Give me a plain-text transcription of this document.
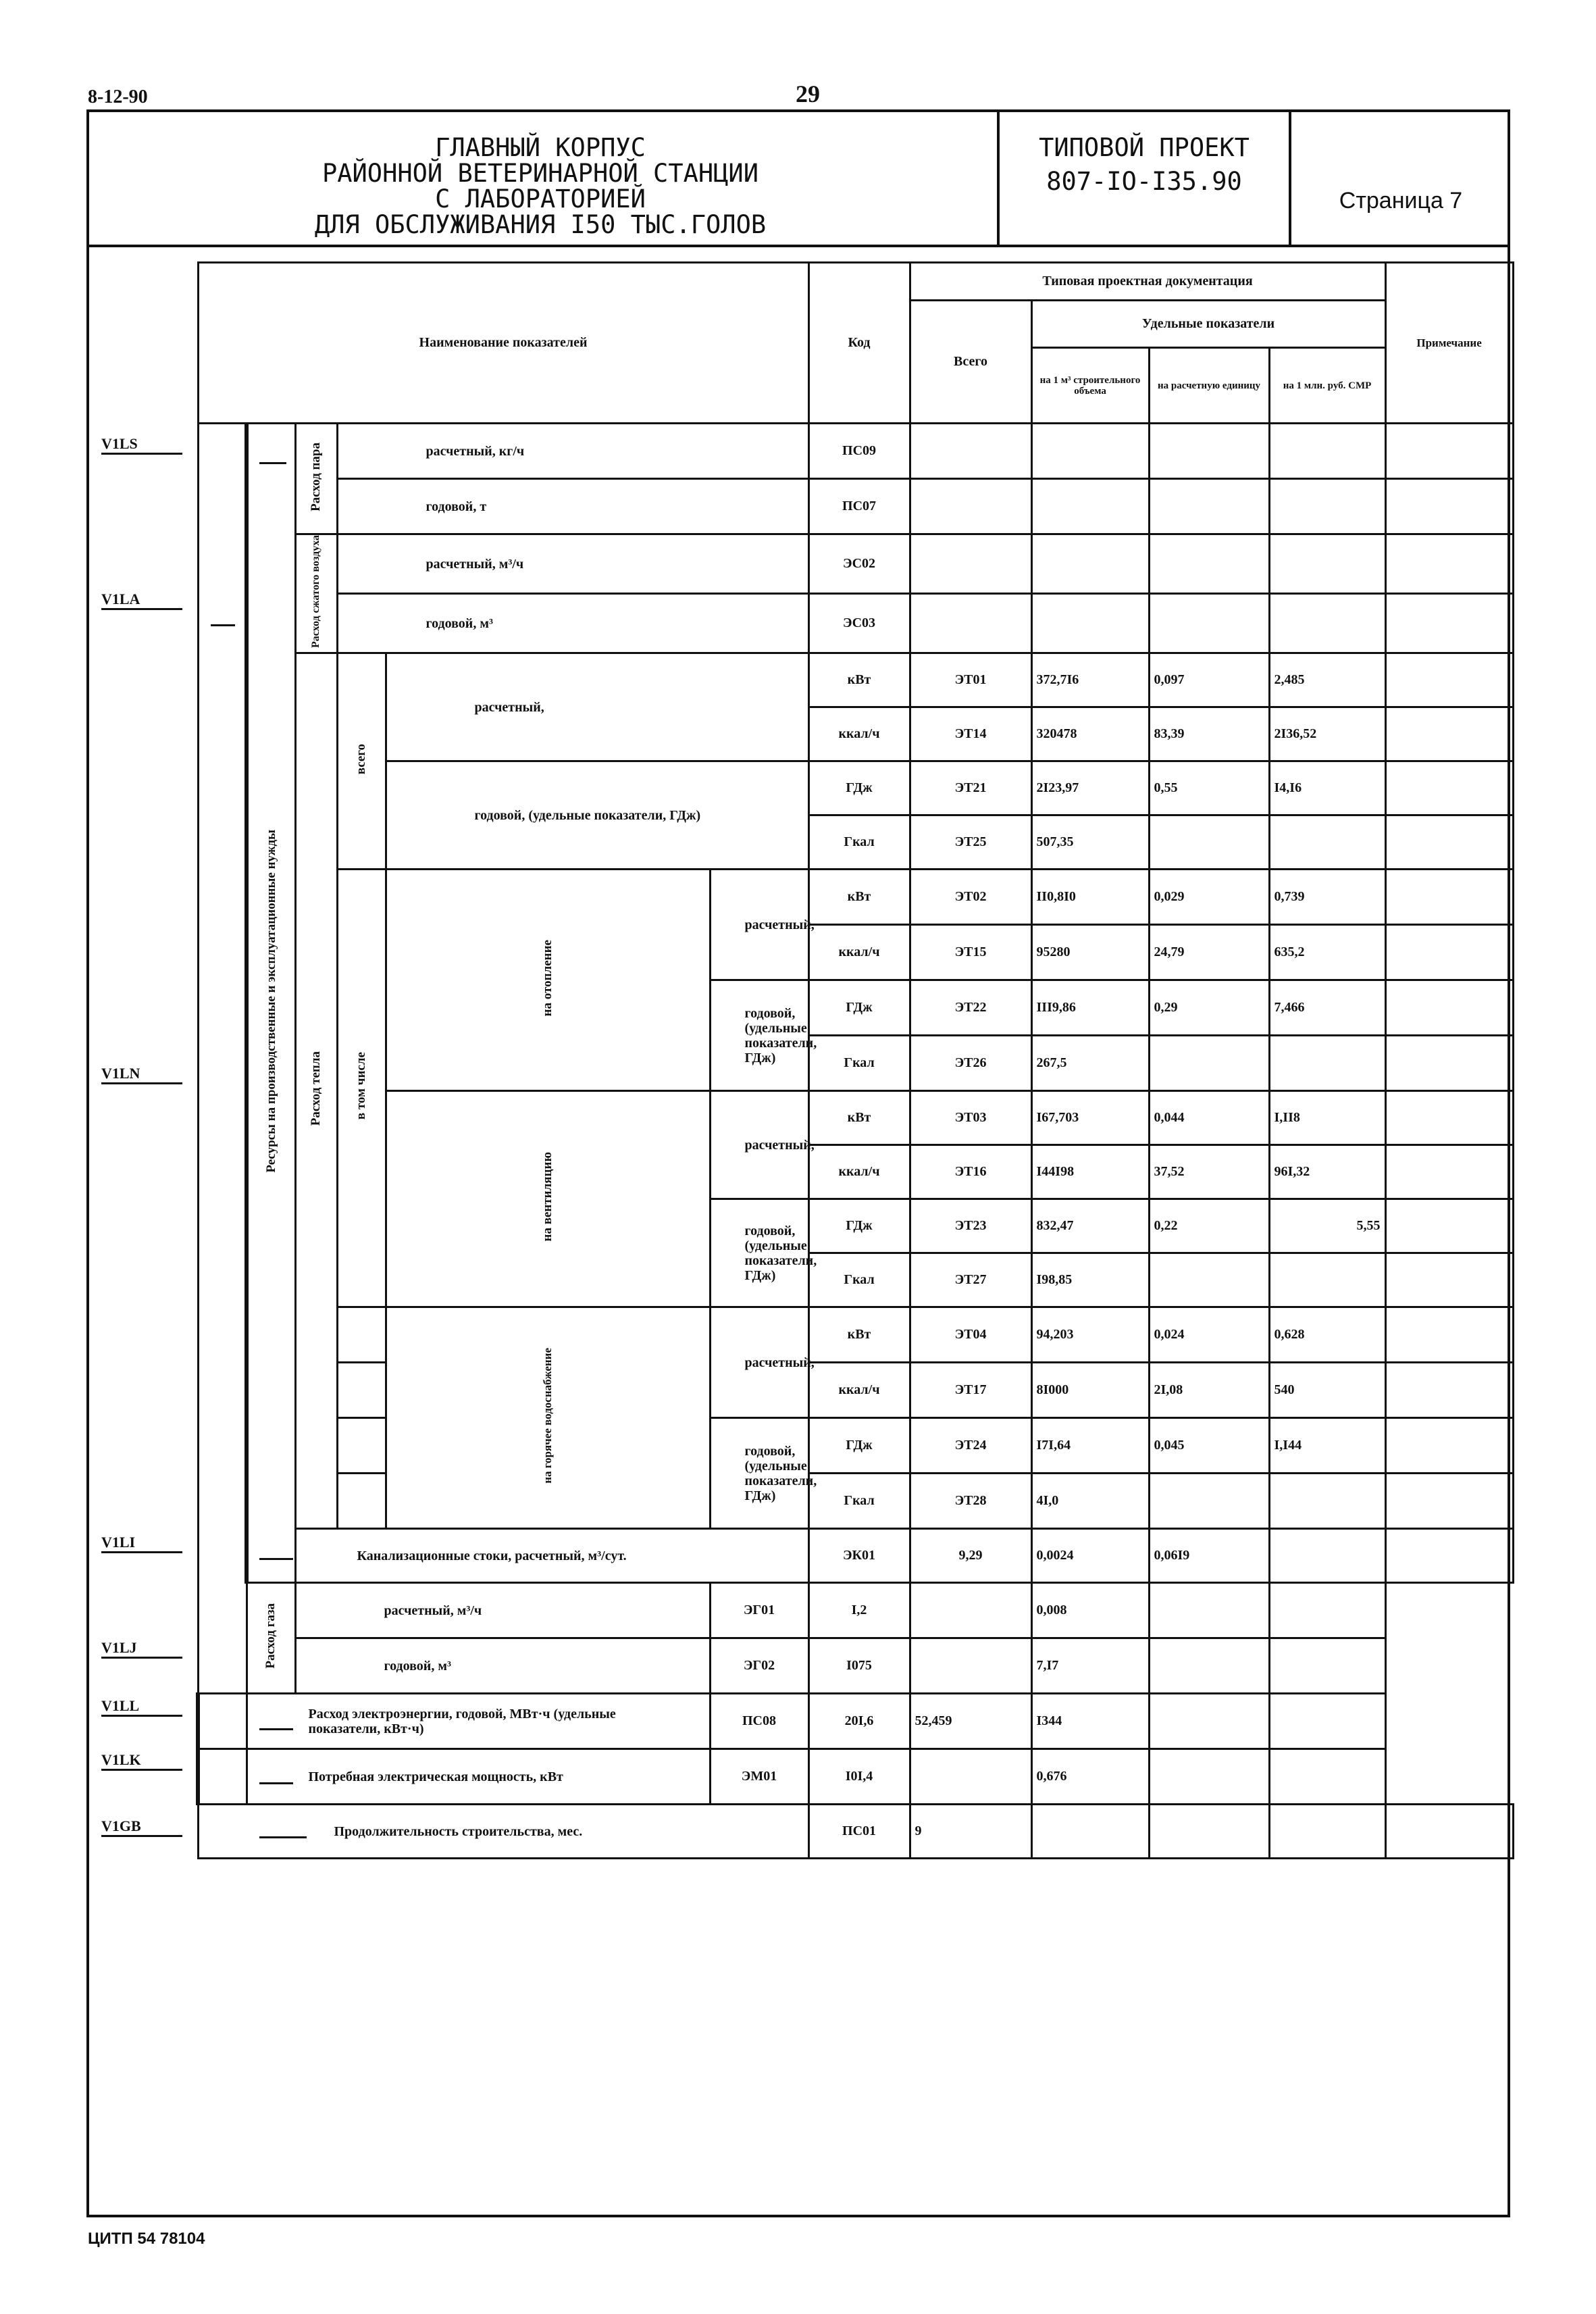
8-12-90	29
ГЛАВНЫЙ КОРПУС
РАЙОННОЙ ВЕТЕРИНАРНОЙ СТАНЦИИ
С ЛАБОРАТОРИЕЙ
ДЛЯ ОБСЛУЖИВАНИЯ I50 ТЫС.ГОЛОВ
ТИПОВОЙ ПРОЕКТ
807-IO-I35.90
Страница 7
V1LS
V1LA
V1LN
V1LI
V1LJ
V1LL
V1LK
V1GB
Наименование показателей						Код	Типовая проектная документация				Примечание	
							Всего	Удельные показатели				
								на 1 м³ строительного объема	на расчетную единицу	на 1 млн. руб. СМР		
	Ресурсы на производственные и эксплуатационные нужды	Расход пара	расчетный, кг/ч			ПС09						
			годовой, т			ПС07						
		Расход сжатого воздуха	расчетный, м³/ч			ЭС02						
			годовой, м³			ЭС03						
		Расход тепла	всего	расчетный,		кВт	ЭТ01	372,7I6	0,097	2,485		
						ккал/ч	ЭТ14	320478	83,39	2I36,52		
				годовой, (удельные показатели, ГДж)		ГДж	ЭТ21	2I23,97	0,55	I4,I6		
						Гкал	ЭТ25	507,35				
			в том числе	на отопление	расчетный,	кВт	ЭТ02	II0,8I0	0,029	0,739		
						ккал/ч	ЭТ15	95280	24,79	635,2		
					годовой, (удельные показатели, ГДж)	ГДж	ЭТ22	III9,86	0,29	7,466		
						Гкал	ЭТ26	267,5				
				на вентиляцию	расчетный,	кВт	ЭТ03	I67,703	0,044	I,II8		
						ккал/ч	ЭТ16	I44I98	37,52	96I,32		
					годовой, (удельные показатели, ГДж)	ГДж	ЭТ23	832,47	0,22	5,55		
						Гкал	ЭТ27	I98,85				
				на горячее водоснабжение	расчетный,	кВт	ЭТ04	94,203	0,024	0,628		
						ккал/ч	ЭТ17	8I000	2I,08	540		
					годовой, (удельные показатели, ГДж)	ГДж	ЭТ24	I7I,64	0,045	I,I44		
						Гкал	ЭТ28	4I,0				
		Канализационные стоки, расчетный, м³/сут.				ЭК01	9,29	0,0024	0,06I9			
	Расход газа	расчетный, м³/ч			ЭГ01	I,2		0,008				
		годовой, м³			ЭГ02	I075		7,I7				
	Расход электроэнергии, годовой, МВт·ч (удельные показатели, кВт·ч)				ПС08	20I,6	52,459	I344				
	Потребная электрическая мощность, кВт				ЭМ01	I0I,4		0,676				
Продолжительность строительства, мес.						ПС01	9					
ЦИТП 54 78104
